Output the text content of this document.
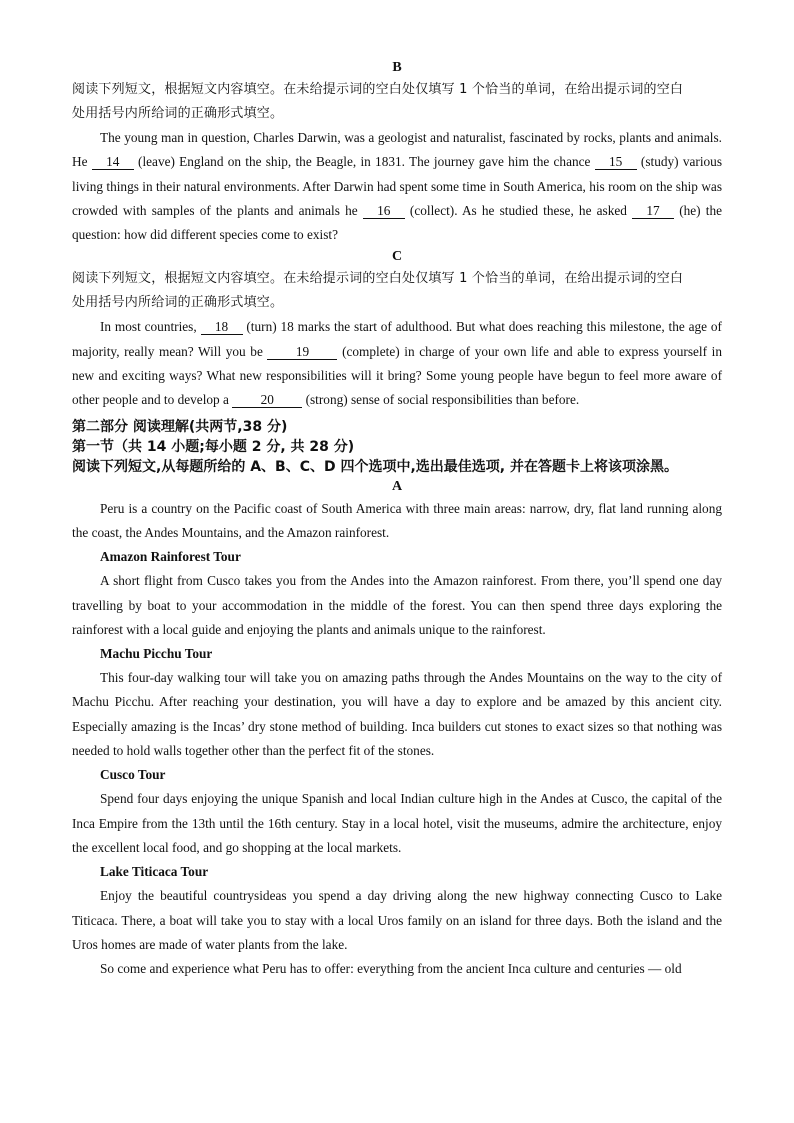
B
阅读下列短文，根据短文内容填空。在未给提示词的空白处仅填写 1 个恰当的单词，在给出提示词的空白
处用括号内所给词的正确形式填空。

The young man in question, Charles Darwin, was a geologist and naturalist, fascinated by rocks, plants and animals. He 14 (leave) England on the ship, the Beagle, in 1831. The journey gave him the chance 15 (study) various living things in their natural environments. After Darwin had spent some time in South America, his room on the ship was crowded with samples of the plants and animals he 16 (collect). As he studied these, he asked 17 (he) the question: how did different species come to exist?

C
阅读下列短文，根据短文内容填空。在未给提示词的空白处仅填写 1 个恰当的单词，在给出提示词的空白
处用括号内所给词的正确形式填空。

In most countries, 18 (turn) 18 marks the start of adulthood. But what does reaching this milestone, the age of majority, really mean? Will you be 19 (complete) in charge of your own life and able to express yourself in new and exciting ways? What new responsibilities will it bring? Some young people have begun to feel more aware of other people and to develop a 20 (strong) sense of social responsibilities than before.

第二部分 阅读理解(共两节,38 分)
第一节（共 14 小题;每小题 2 分, 共 28 分)
阅读下列短文,从每题所给的 A、B、C、D 四个选项中,选出最佳选项, 并在答题卡上将该项涂黑。
A

Peru is a country on the Pacific coast of South America with three main areas: narrow, dry, flat land running along the coast, the Andes Mountains, and the Amazon rainforest.

Amazon Rainforest Tour

A short flight from Cusco takes you from the Andes into the Amazon rainforest. From there, you’ll spend one day travelling by boat to your accommodation in the middle of the forest. You can then spend three days exploring the rainforest with a local guide and enjoying the plants and animals unique to the rainforest.

Machu Picchu Tour

This four-day walking tour will take you on amazing paths through the Andes Mountains on the way to the city of Machu Picchu. After reaching your destination, you will have a day to explore and be amazed by this ancient city. Especially amazing is the Incas’ dry stone method of building. Inca builders cut stones to exact sizes so that nothing was needed to hold walls together other than the perfect fit of the stones.

Cusco Tour

Spend four days enjoying the unique Spanish and local Indian culture high in the Andes at Cusco, the capital of the Inca Empire from the 13th until the 16th century. Stay in a local hotel, visit the museums, admire the architecture, enjoy the excellent local food, and go shopping at the local markets.

Lake Titicaca Tour

Enjoy the beautiful countrysideas you spend a day driving along the new highway connecting Cusco to Lake Titicaca. There, a boat will take you to stay with a local Uros family on an island for three days. Both the island and the Uros homes are made of water plants from the lake.

So come and experience what Peru has to offer: everything from the ancient Inca culture and centuries — old
